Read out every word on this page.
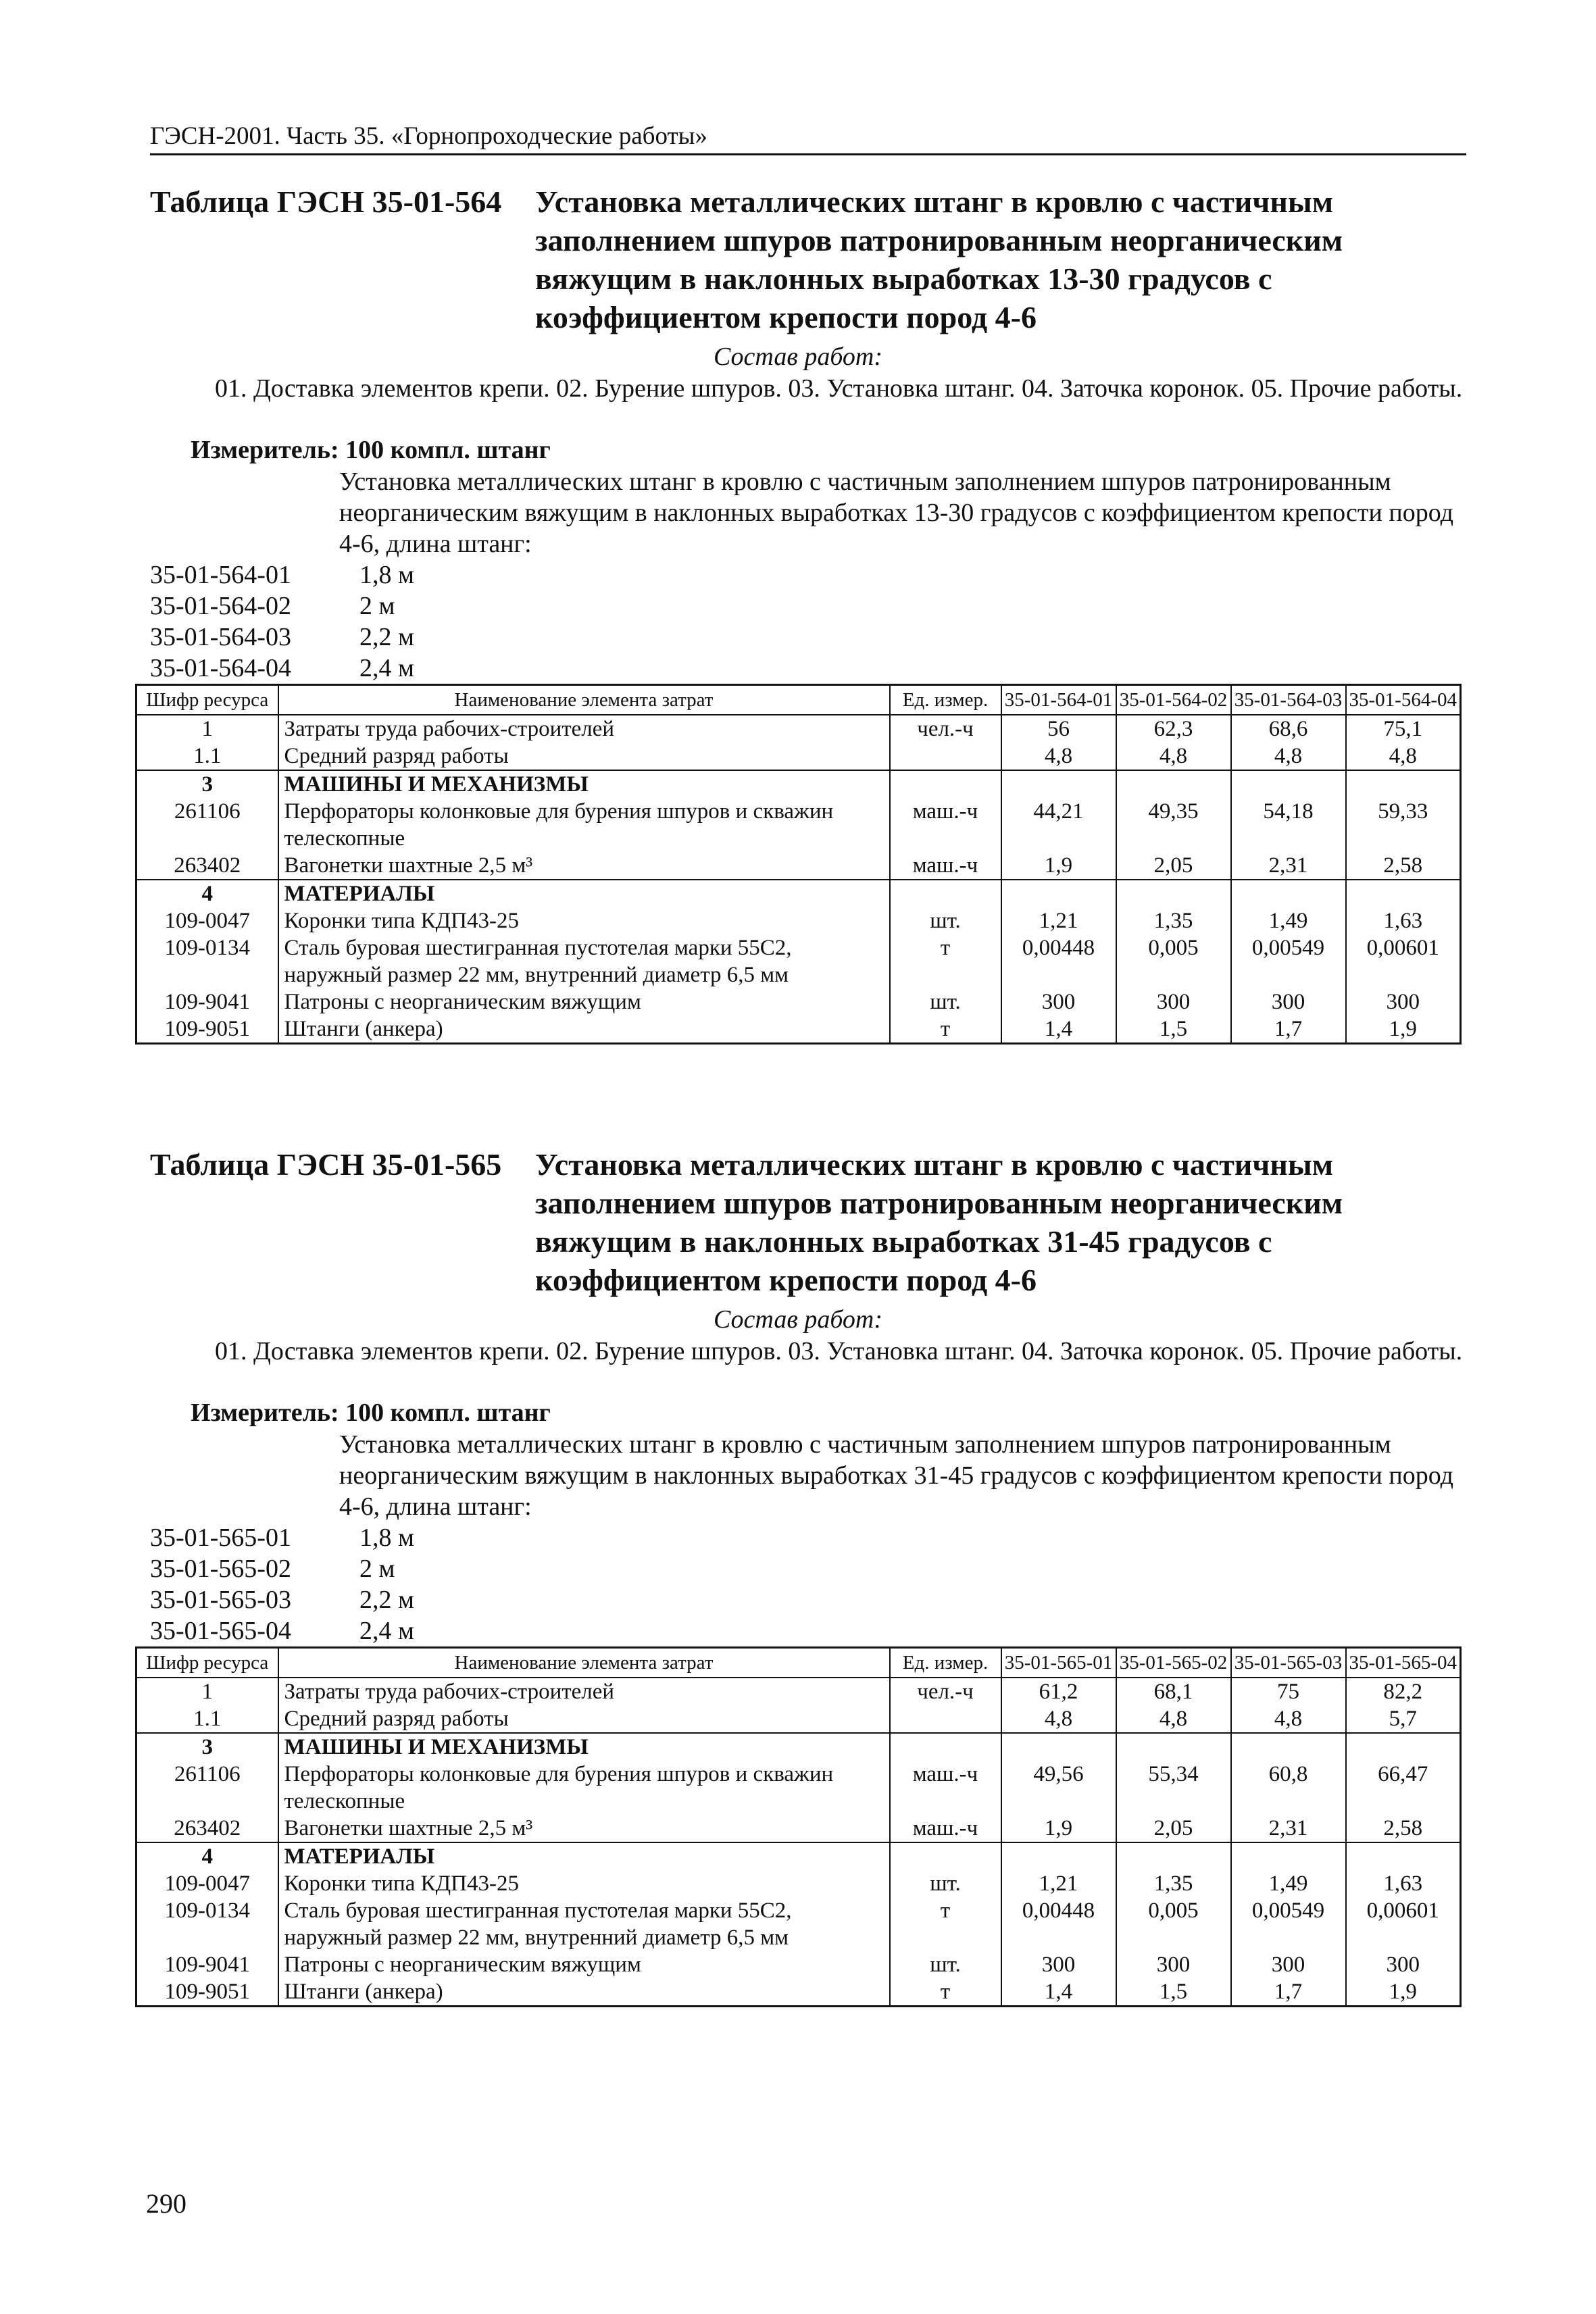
ГЭСН-2001. Часть 35. «Горнопроходческие работы»
Таблица ГЭСН 35-01-564 Установка металлических штанг в кровлю с частичным заполнением шпуров патронированным неорганическим вяжущим в наклонных выработках 13-30 градусов с коэффициентом крепости пород 4-6
Состав работ:
01. Доставка элементов крепи. 02. Бурение шпуров. 03. Установка штанг. 04. Заточка коронок. 05. Прочие работы.
Измеритель: 100 компл. штанг
Установка металлических штанг в кровлю с частичным заполнением шпуров патронированным неорганическим вяжущим в наклонных выработках 13-30 градусов с коэффициентом крепости пород 4-6, длина штанг:
35-01-564-01	1,8 м
35-01-564-02	2 м
35-01-564-03	2,2 м
35-01-564-04	2,4 м
Шифр ресурса	Наименование элемента затрат	Ед. измер.	35-01-564-01	35-01-564-02	35-01-564-03	35-01-564-04
1	Затраты труда рабочих-строителей	чел.-ч	56	62,3	68,6	75,1
1.1	Средний разряд работы		4,8	4,8	4,8	4,8
3	МАШИНЫ И МЕХАНИЗМЫ					
261106	Перфораторы колонковые для бурения шпуров и скважин телескопные	маш.-ч	44,21	49,35	54,18	59,33
263402	Вагонетки шахтные 2,5 м³	маш.-ч	1,9	2,05	2,31	2,58
4	МАТЕРИАЛЫ					
109-0047	Коронки типа КДП43-25	шт.	1,21	1,35	1,49	1,63
109-0134	Сталь буровая шестигранная пустотелая марки 55С2, наружный размер 22 мм, внутренний диаметр 6,5 мм	т	0,00448	0,005	0,00549	0,00601
109-9041	Патроны с неорганическим вяжущим	шт.	300	300	300	300
109-9051	Штанги (анкера)	т	1,4	1,5	1,7	1,9
Таблица ГЭСН 35-01-565 Установка металлических штанг в кровлю с частичным заполнением шпуров патронированным неорганическим вяжущим в наклонных выработках 31-45 градусов с коэффициентом крепости пород 4-6
Состав работ:
01. Доставка элементов крепи. 02. Бурение шпуров. 03. Установка штанг. 04. Заточка коронок. 05. Прочие работы.
Измеритель: 100 компл. штанг
Установка металлических штанг в кровлю с частичным заполнением шпуров патронированным неорганическим вяжущим в наклонных выработках 31-45 градусов с коэффициентом крепости пород 4-6, длина штанг:
35-01-565-01	1,8 м
35-01-565-02	2 м
35-01-565-03	2,2 м
35-01-565-04	2,4 м
Шифр ресурса	Наименование элемента затрат	Ед. измер.	35-01-565-01	35-01-565-02	35-01-565-03	35-01-565-04
1	Затраты труда рабочих-строителей	чел.-ч	61,2	68,1	75	82,2
1.1	Средний разряд работы		4,8	4,8	4,8	5,7
3	МАШИНЫ И МЕХАНИЗМЫ					
261106	Перфораторы колонковые для бурения шпуров и скважин телескопные	маш.-ч	49,56	55,34	60,8	66,47
263402	Вагонетки шахтные 2,5 м³	маш.-ч	1,9	2,05	2,31	2,58
4	МАТЕРИАЛЫ					
109-0047	Коронки типа КДП43-25	шт.	1,21	1,35	1,49	1,63
109-0134	Сталь буровая шестигранная пустотелая марки 55С2, наружный размер 22 мм, внутренний диаметр 6,5 мм	т	0,00448	0,005	0,00549	0,00601
109-9041	Патроны с неорганическим вяжущим	шт.	300	300	300	300
109-9051	Штанги (анкера)	т	1,4	1,5	1,7	1,9
290
